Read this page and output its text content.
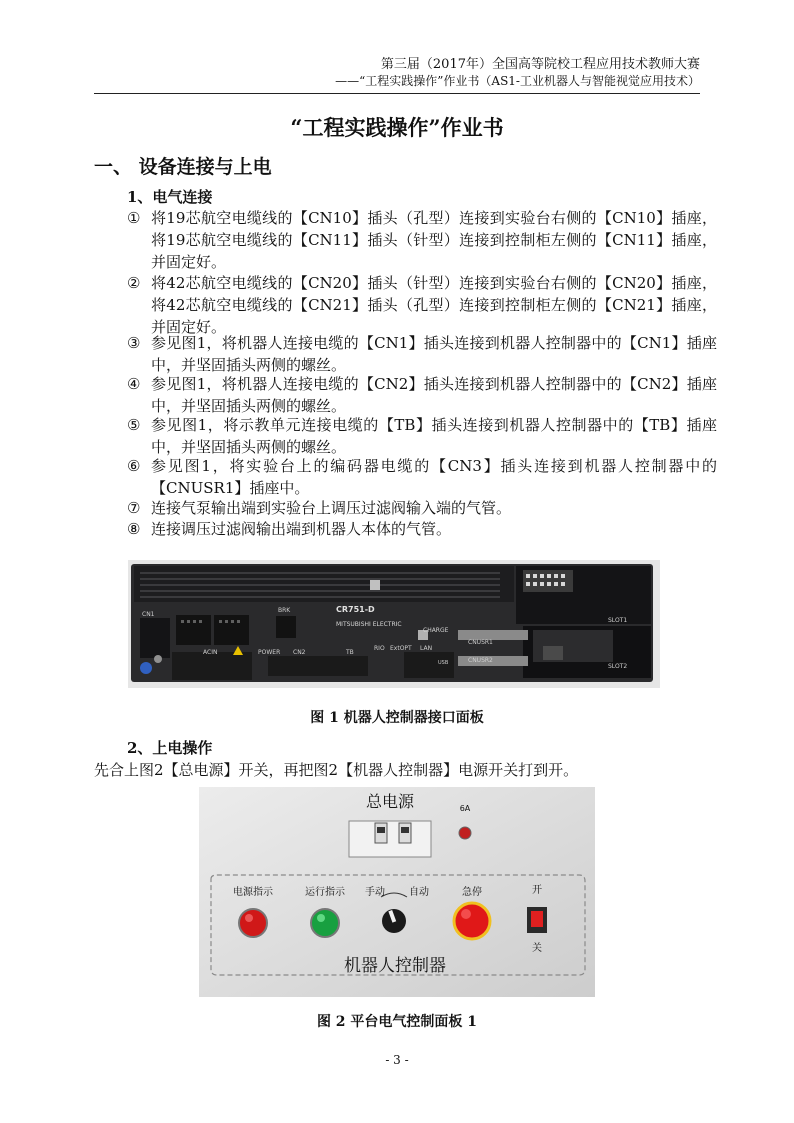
第三届（2017年）全国高等院校工程应用技术教师大赛
——“工程实践操作”作业书（AS1-工业机器人与智能视觉应用技术）
“工程实践操作”作业书
一、 设备连接与上电
1、电气连接
① 将19芯航空电缆线的【CN10】插头（孔型）连接到实验台右侧的【CN10】插座，将19芯航空电缆线的【CN11】插头（针型）连接到控制柜左侧的【CN11】插座，并固定好。
② 将42芯航空电缆线的【CN20】插头（针型）连接到实验台右侧的【CN20】插座，将42芯航空电缆线的【CN21】插头（孔型）连接到控制柜左侧的【CN21】插座，并固定好。
③ 参见图1，将机器人连接电缆的【CN1】插头连接到机器人控制器中的【CN1】插座中，并坚固插头两侧的螺丝。
④ 参见图1，将机器人连接电缆的【CN2】插头连接到机器人控制器中的【CN2】插座中，并坚固插头两侧的螺丝。
⑤ 参见图1，将示教单元连接电缆的【TB】插头连接到机器人控制器中的【TB】插座中，并坚固插头两侧的螺丝。
⑥ 参见图1，将实验台上的编码器电缆的【CN3】插头连接到机器人控制器中的【CNUSR1】插座中。
⑦ 连接气泵输出端到实验台上调压过滤阀输入端的气管。
⑧ 连接调压过滤阀输出端到机器人本体的气管。
CN1
BRK	CR751-D
MITSUBISHI ELECTRIC
CHARGE
CNUSR1
CNUSR2
SLOT1
SLOT2
ACIN	POWER CN2	TB
RIO ExtOPT LAN
USB
图 1 机器人控制器接口面板
2、上电操作
先合上图2【总电源】开关，再把图2【机器人控制器】电源开关打到开。
总电源	6A
电源指示	运行指示 手动 自动	急停	开
关
机器人控制器
图 2 平台电气控制面板 1
- 3 -
